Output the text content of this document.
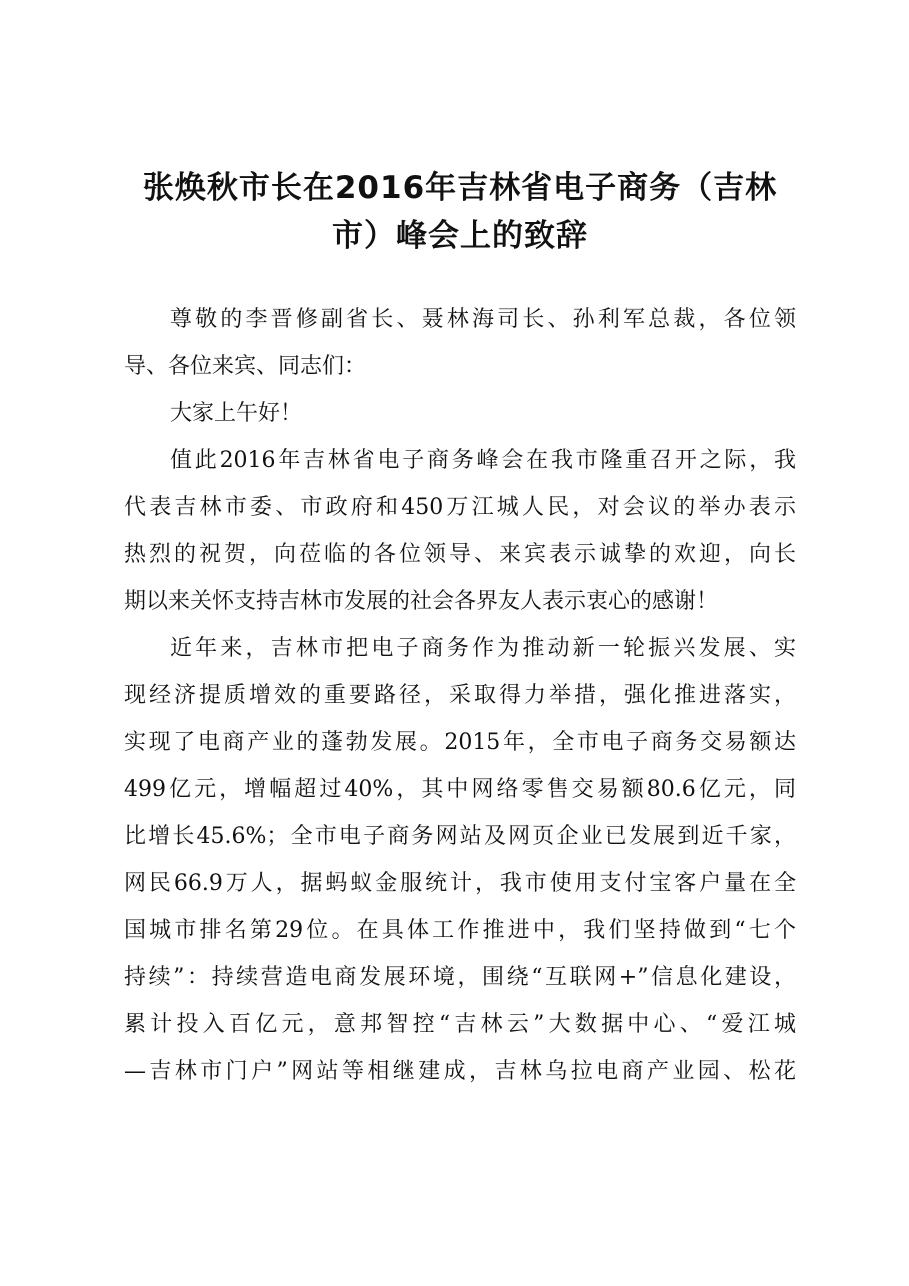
张焕秋市长在2016年吉林省电子商务（吉林
市）峰会上的致辞
尊敬的李晋修副省长、聂林海司长、孙利军总裁，各位领
导、各位来宾、同志们：
大家上午好！
值此2016年吉林省电子商务峰会在我市隆重召开之际，我
代表吉林市委、市政府和450万江城人民，对会议的举办表示
热烈的祝贺，向莅临的各位领导、来宾表示诚挚的欢迎，向长
期以来关怀支持吉林市发展的社会各界友人表示衷心的感谢！
近年来，吉林市把电子商务作为推动新一轮振兴发展、实
现经济提质增效的重要路径，采取得力举措，强化推进落实，
实现了电商产业的蓬勃发展。2015年，全市电子商务交易额达
499亿元，增幅超过40%，其中网络零售交易额80.6亿元，同
比增长45.6%；全市电子商务网站及网页企业已发展到近千家，
网民66.9万人，据蚂蚁金服统计，我市使用支付宝客户量在全
国城市排名第29位。在具体工作推进中，我们坚持做到“七个
持续”：持续营造电商发展环境，围绕“互联网+”信息化建设，
累计投入百亿元，意邦智控“吉林云”大数据中心、“爱江城
—吉林市门户”网站等相继建成，吉林乌拉电商产业园、松花
